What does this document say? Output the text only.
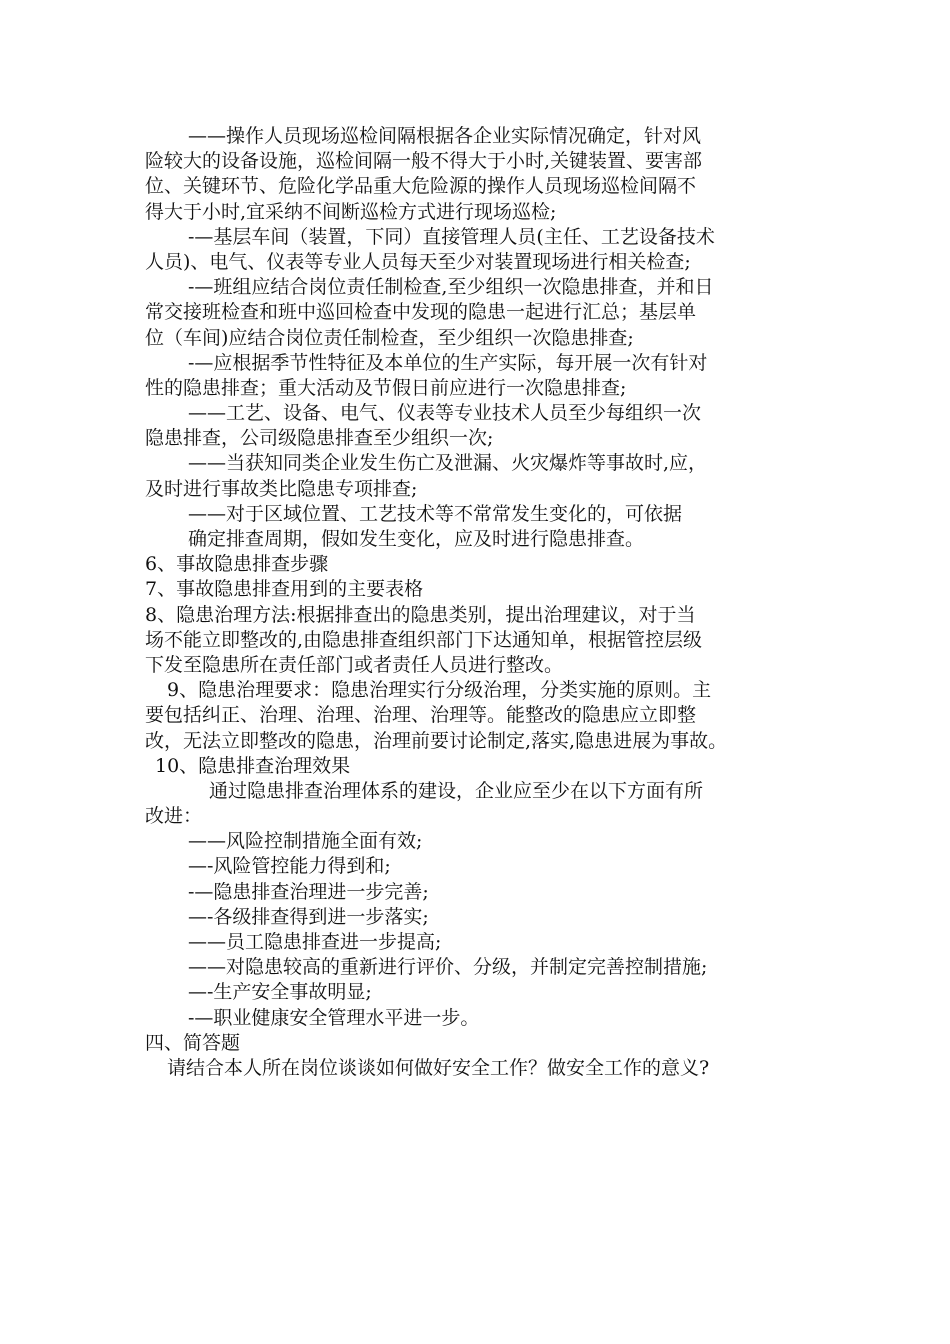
——操作人员现场巡检间隔根据各企业实际情况确定，针对风
险较大的设备设施，巡检间隔一般不得大于小时,关键装置、要害部
位、关键环节、危险化学品重大危险源的操作人员现场巡检间隔不
得大于小时,宜采纳不间断巡检方式进行现场巡检;
-—基层车间（装置，下同）直接管理人员(主任、工艺设备技术
人员)、电气、仪表等专业人员每天至少对装置现场进行相关检查;
-—班组应结合岗位责任制检查,至少组织一次隐患排查，并和日
常交接班检查和班中巡回检查中发现的隐患一起进行汇总；基层单
位（车间)应结合岗位责任制检查，至少组织一次隐患排查;
-—应根据季节性特征及本单位的生产实际，每开展一次有针对
性的隐患排查；重大活动及节假日前应进行一次隐患排查;
——工艺、设备、电气、仪表等专业技术人员至少每组织一次
隐患排查，公司级隐患排查至少组织一次;
——当获知同类企业发生伤亡及泄漏、火灾爆炸等事故时,应，
及时进行事故类比隐患专项排查;
——对于区域位置、工艺技术等不常常发生变化的，可依据
确定排查周期，假如发生变化，应及时进行隐患排查。
6、事故隐患排查步骤
7、事故隐患排查用到的主要表格
8、隐患治理方法:根据排查出的隐患类别，提出治理建议，对于当
场不能立即整改的,由隐患排查组织部门下达通知单，根据管控层级
下发至隐患所在责任部门或者责任人员进行整改。
9、隐患治理要求：隐患治理实行分级治理，分类实施的原则。主
要包括纠正、治理、治理、治理、治理等。能整改的隐患应立即整
改，无法立即整改的隐患，治理前要讨论制定,落实,隐患进展为事故。
10、隐患排查治理效果
通过隐患排查治理体系的建设，企业应至少在以下方面有所
改进：
——风险控制措施全面有效;
—-风险管控能力得到和;
-—隐患排查治理进一步完善;
—-各级排查得到进一步落实;
——员工隐患排查进一步提高;
——对隐患较高的重新进行评价、分级，并制定完善控制措施;
—-生产安全事故明显;
-—职业健康安全管理水平进一步。
四、简答题
请结合本人所在岗位谈谈如何做好安全工作？做安全工作的意义?
